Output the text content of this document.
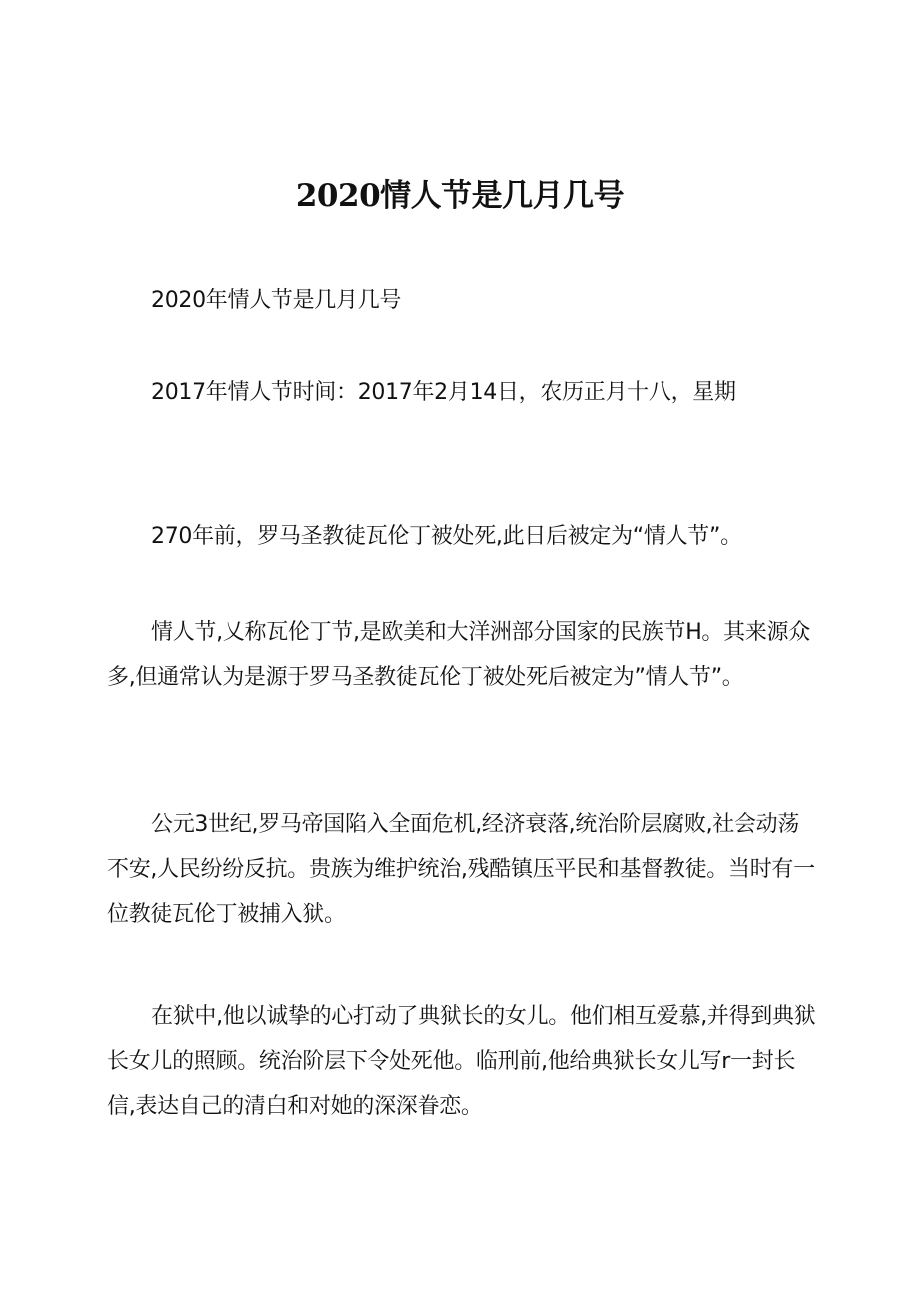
2020情人节是几月几号

2020年情人节是几月几号

2017年情人节时间：2017年2月14日，农历正月十八，星期

270年前，罗马圣教徒瓦伦丁被处死,此日后被定为“情人节”。

情人节,乂称瓦伦丁节,是欧美和大洋洲部分国家的民族节H。其来源众多,但通常认为是源于罗马圣教徒瓦伦丁被处死后被定为”情人节”。

公元3世纪,罗马帝国陷入全面危机,经济衰落,统治阶层腐败,社会动荡不安,人民纷纷反抗。贵族为维护统治,残酷镇压平民和基督教徒。当时有一位教徒瓦伦丁被捕入狱。

在狱中,他以诚挚的心打动了典狱长的女儿。他们相互爱慕,并得到典狱长女儿的照顾。统治阶层下令处死他。临刑前,他给典狱长女儿写r一封长信,表达自己的清白和对她的深深眷恋。
